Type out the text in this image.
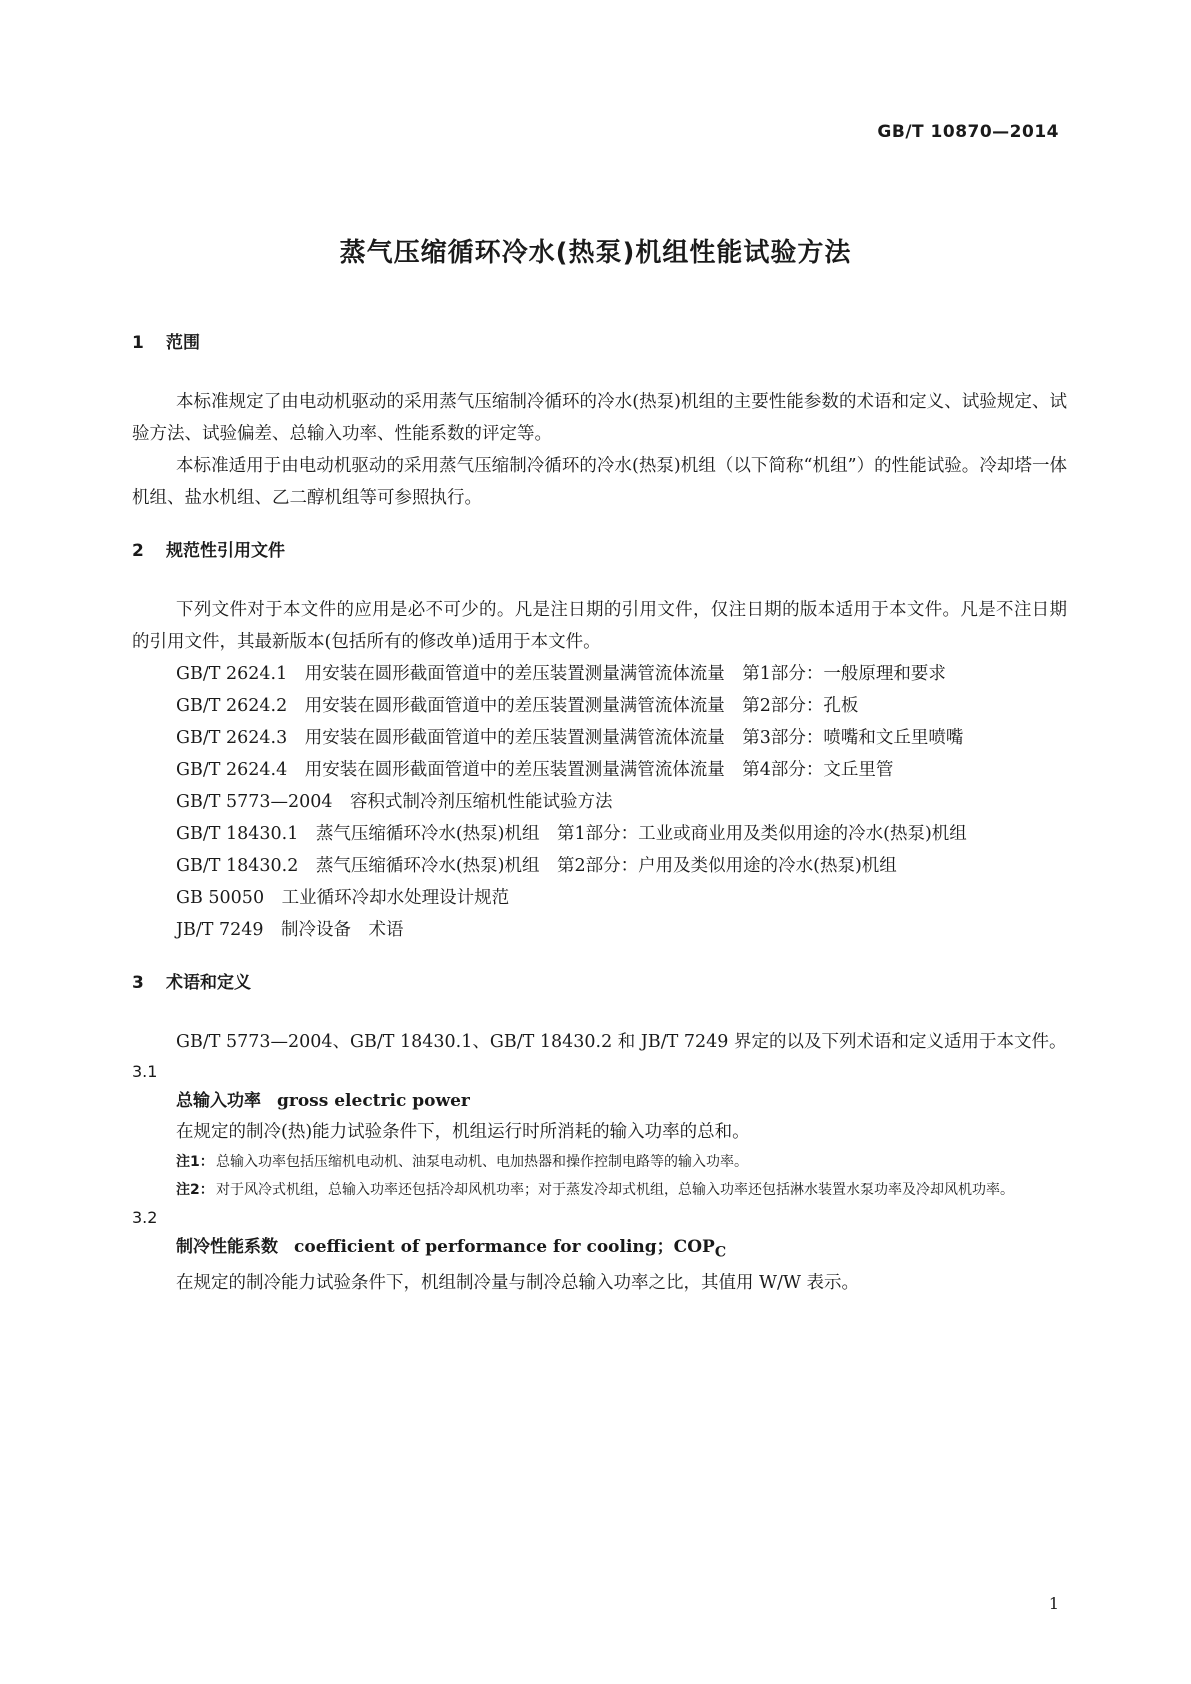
GB/T 10870—2014
蒸气压缩循环冷水(热泵)机组性能试验方法
1 范围

本标准规定了由电动机驱动的采用蒸气压缩制冷循环的冷水(热泵)机组的主要性能参数的术语和定义、试验规定、试验方法、试验偏差、总输入功率、性能系数的评定等。

本标准适用于由电动机驱动的采用蒸气压缩制冷循环的冷水(热泵)机组（以下简称“机组”）的性能试验。冷却塔一体机组、盐水机组、乙二醇机组等可参照执行。

2 规范性引用文件

下列文件对于本文件的应用是必不可少的。凡是注日期的引用文件，仅注日期的版本适用于本文件。凡是不注日期的引用文件，其最新版本(包括所有的修改单)适用于本文件。

GB/T 2624.1　用安装在圆形截面管道中的差压装置测量满管流体流量　第1部分：一般原理和要求

GB/T 2624.2　用安装在圆形截面管道中的差压装置测量满管流体流量　第2部分：孔板

GB/T 2624.3　用安装在圆形截面管道中的差压装置测量满管流体流量　第3部分：喷嘴和文丘里喷嘴

GB/T 2624.4　用安装在圆形截面管道中的差压装置测量满管流体流量　第4部分：文丘里管

GB/T 5773—2004　容积式制冷剂压缩机性能试验方法

GB/T 18430.1　蒸气压缩循环冷水(热泵)机组　第1部分：工业或商业用及类似用途的冷水(热泵)机组

GB/T 18430.2　蒸气压缩循环冷水(热泵)机组　第2部分：户用及类似用途的冷水(热泵)机组

GB 50050　工业循环冷却水处理设计规范

JB/T 7249　制冷设备　术语

3 术语和定义

GB/T 5773—2004、GB/T 18430.1、GB/T 18430.2 和 JB/T 7249 界定的以及下列术语和定义适用于本文件。

3.1
总输入功率 gross electric power

在规定的制冷(热)能力试验条件下，机组运行时所消耗的输入功率的总和。

注1： 总输入功率包括压缩机电动机、油泵电动机、电加热器和操作控制电路等的输入功率。
注2： 对于风冷式机组，总输入功率还包括冷却风机功率；对于蒸发冷却式机组，总输入功率还包括淋水装置水泵功率及冷却风机功率。
3.2
制冷性能系数 coefficient of performance for cooling；$COP_C$

在规定的制冷能力试验条件下，机组制冷量与制冷总输入功率之比，其值用 W/W 表示。

1
